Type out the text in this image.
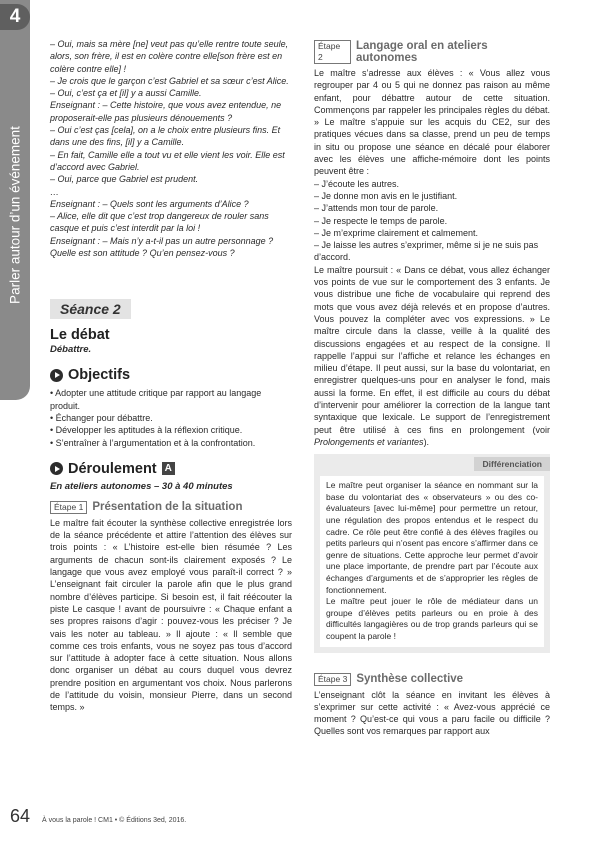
4
Parler autour d’un événement

– Oui, mais sa mère [ne] veut pas qu’elle rentre toute seule, alors, son frère, il est en colère contre elle[son frère est en colère contre elle] !

– Je crois que le garçon c’est Gabriel et sa sœur c’est Alice.

– Oui, c’est ça et [il] y a aussi Camille.

Enseignant : – Cette histoire, que vous avez entendue, ne proposerait-elle pas plusieurs dénouements ?

– Oui c’est ças [cela], on a le choix entre plusieurs fins. Et dans une des fins, [il] y a Camille.

– En fait, Camille elle a tout vu et elle vient les voir. Elle est d’accord avec Gabriel.

– Oui, parce que Gabriel est prudent.

…

Enseignant : – Quels sont les arguments d’Alice ?

– Alice, elle dit que c’est trop dangereux de rouler sans casque et puis c’est interdit par la loi !

Enseignant : – Mais n’y a-t-il pas un autre personnage ? Quelle est son attitude ? Qu’en pensez-vous ?

Séance 2
Le débat
Débattre.
Objectifs
• Adopter une attitude critique par rapport au langage produit.
• Échanger pour débattre.
• Développer les aptitudes à la réflexion critique.
• S’entraîner à l’argumentation et à la confrontation.
Déroulement A
En ateliers autonomes – 30 à 40 minutes
Étape 1 Présentation de la situation

Le maître fait écouter la synthèse collective enregistrée lors de la séance précédente et attire l’attention des élèves sur trois points : « L’histoire est-elle bien résumée ? Les arguments de chacun sont-ils clairement exposés ? Le langage que vous avez employé vous paraît-il correct ? » L’enseignant fait circuler la parole afin que le plus grand nombre d’élèves participe. Si besoin est, il fait réécouter la piste Le casque ! avant de poursuivre : « Chaque enfant a ses propres raisons d’agir : pouvez-vous les préciser ? Je vais les noter au tableau. » Il ajoute : « Il semble que comme ces trois enfants, vous ne soyez pas tous d’accord sur l’attitude à adopter face à cette situation. Nous allons donc organiser un débat au cours duquel vous devrez prendre position en argumentant vos choix. Nous parlerons de l’attitude du voisin, monsieur Pierre, dans un second temps. »

Étape 2
Langage oral en ateliers autonomes

Le maître s’adresse aux élèves : « Vous allez vous regrouper par 4 ou 5 qui ne donnez pas raison au même enfant, pour débattre autour de cette situation. Commençons par rappeler les principales règles du débat. » Le maître s’appuie sur les acquis du CE2, sur des pratiques vécues dans sa classe, prend un peu de temps in situ ou propose une séance en décalé pour élaborer avec les élèves une affiche-mémoire dont les points peuvent être :

– J’écoute les autres.

– Je donne mon avis en le justifiant.

– J’attends mon tour de parole.

– Je respecte le temps de parole.

– Je m’exprime clairement et calmement.

– Je laisse les autres s’exprimer, même si je ne suis pas d’accord.

Le maître poursuit : « Dans ce débat, vous allez échanger vos points de vue sur le comportement des 3 enfants. Je vous distribue une fiche de vocabulaire qui reprend des mots que vous avez déjà relevés et en propose d’autres. Vous pouvez la compléter avec vos expressions. » Le maître circule dans la classe, veille à la qualité des discussions engagées et au respect de la consigne. Il rappelle l’appui sur l’affiche et relance les échanges en milieu d’étape. Il peut aussi, sur la base du volontariat, en enregistrer quelques-uns pour en analyser le fond, mais aussi la forme. En effet, il est difficile au cours du débat d’intervenir pour améliorer la correction de la langue tant syntaxique que lexicale. Le support de l’enregistrement peut être utilisé à ces fins en prolongement (voir Prolongements et variantes).

Différenciation

Le maître peut organiser la séance en nommant sur la base du volontariat des « observateurs » ou des co-évaluateurs [avec lui-même] pour permettre un retour, une régulation des propos entendus et le respect du cadre. Ce rôle peut être confié à des élèves fragiles ou petits parleurs qui n’osent pas encore s’affirmer dans ce genre de situations. Cette approche leur permet d’avoir une place importante, de prendre part par l’écoute aux échanges d’arguments et de s’approprier les règles de fonctionnement.

Le maître peut jouer le rôle de médiateur dans un groupe d’élèves petits parleurs ou en proie à des difficultés langagières ou de trop grands parleurs qui se coupent la parole !

Étape 3 Synthèse collective

L’enseignant clôt la séance en invitant les élèves à s’exprimer sur cette activité : « Avez-vous apprécié ce moment ? Qu’est-ce qui vous a paru facile ou difficile ? Quelles sont vos remarques par rapport aux

64 À vous la parole ! CM1 • © Éditions 3ed, 2016.
